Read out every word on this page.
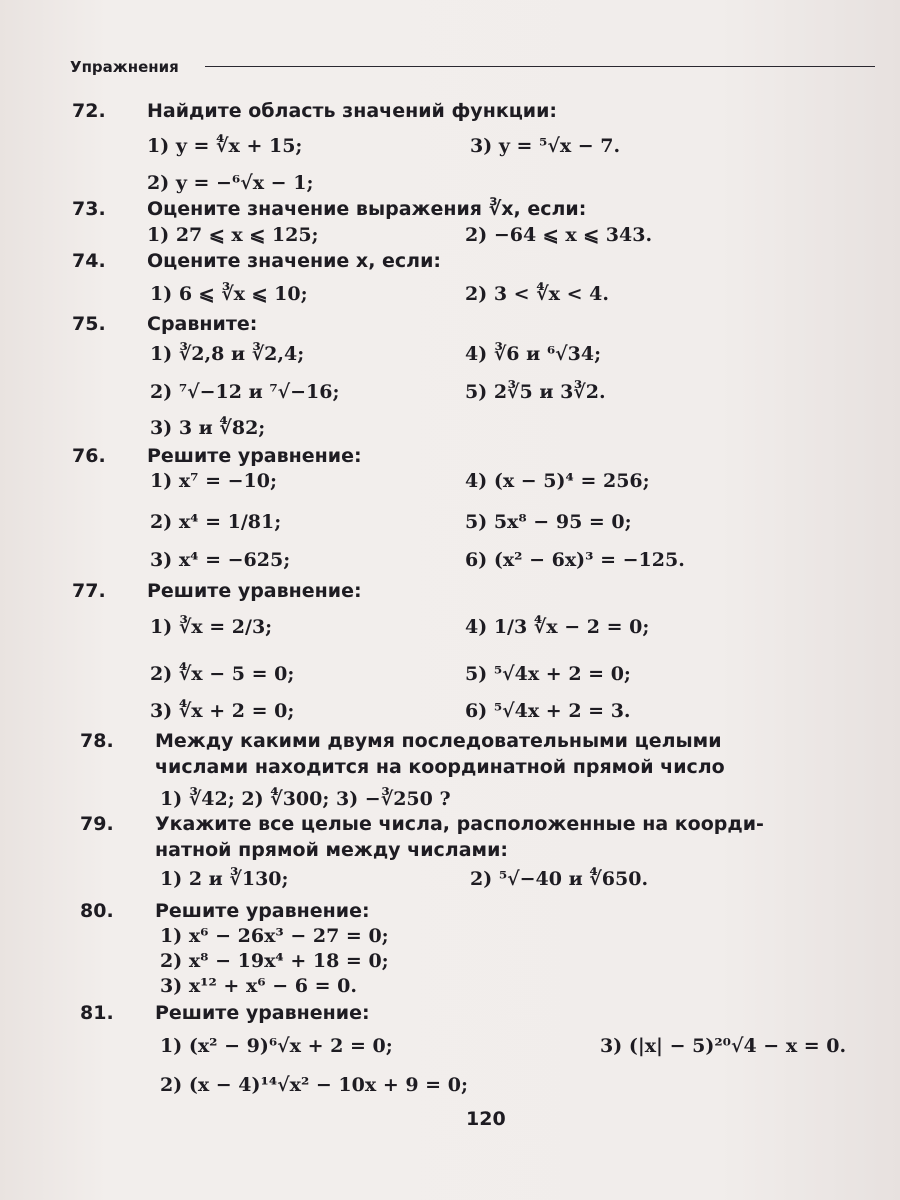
Упражнения
72. Найдите область значений функции:
1) y = ∜x + 15;	3) y = ⁵√x − 7.
2) y = −⁶√x − 1;
73. Оцените значение выражения ∛x, если:
1) 27 ⩽ x ⩽ 125;	2) −64 ⩽ x ⩽ 343.
74. Оцените значение x, если:
1) 6 ⩽ ∛x ⩽ 10;	2) 3 < ∜x < 4.
75. Сравните:
1) ∛2,8 и ∛2,4;	4) ∛6 и ⁶√34;
2) ⁷√−12 и ⁷√−16;	5) 2∛5 и 3∛2.
3) 3 и ∜82;
76. Решите уравнение:
1) x⁷ = −10;	4) (x − 5)⁴ = 256;
2) x⁴ = 1/81;	5) 5x⁸ − 95 = 0;
3) x⁴ = −625;	6) (x² − 6x)³ = −125.
77. Решите уравнение:
1) ∛x = 2/3;	4) 1/3 ∜x − 2 = 0;
2) ∜x − 5 = 0;	5) ⁵√4x + 2 = 0;
3) ∜x + 2 = 0;	6) ⁵√4x + 2 = 3.
78. Между какими двумя последовательными целыми
числами находится на координатной прямой число
1) ∛42; 2) ∜300; 3) −∛250 ?
79. Укажите все целые числа, расположенные на коорди-
натной прямой между числами:
1) 2 и ∛130;	2) ⁵√−40 и ∜650.
80. Решите уравнение:
1) x⁶ − 26x³ − 27 = 0;
2) x⁸ − 19x⁴ + 18 = 0;
3) x¹² + x⁶ − 6 = 0.
81. Решите уравнение:
1) (x² − 9)⁶√x + 2 = 0;	3) (|x| − 5)²⁰√4 − x = 0.
2) (x − 4)¹⁴√x² − 10x + 9 = 0;
120
